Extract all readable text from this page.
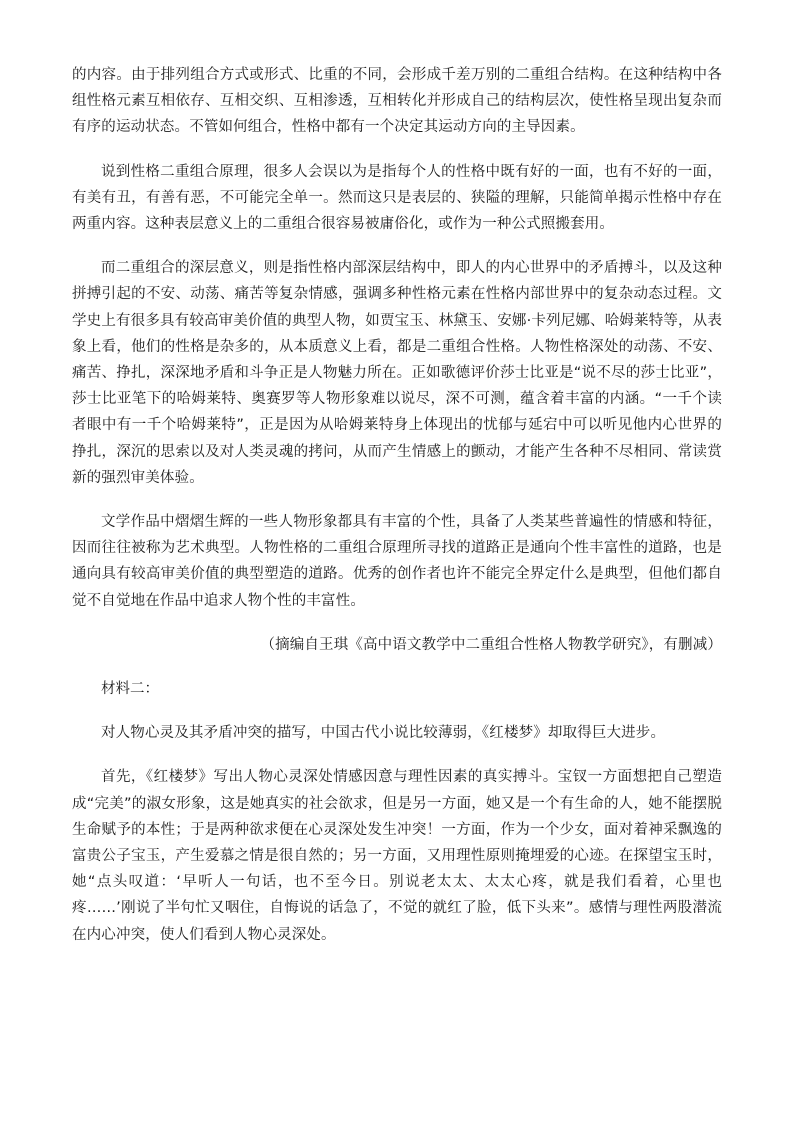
的内容。由于排列组合方式或形式、比重的不同，会形成千差万别的二重组合结构。在这种结构中各组性格元素互相依存、互相交织、互相渗透，互相转化并形成自己的结构层次，使性格呈现出复杂而有序的运动状态。不管如何组合，性格中都有一个决定其运动方向的主导因素。

说到性格二重组合原理，很多人会误以为是指每个人的性格中既有好的一面，也有不好的一面，有美有丑，有善有恶，不可能完全单一。然而这只是表层的、狭隘的理解，只能简单揭示性格中存在两重内容。这种表层意义上的二重组合很容易被庸俗化，或作为一种公式照搬套用。

而二重组合的深层意义，则是指性格内部深层结构中，即人的内心世界中的矛盾搏斗，以及这种拼搏引起的不安、动荡、痛苦等复杂情感，强调多种性格元素在性格内部世界中的复杂动态过程。文学史上有很多具有较高审美价值的典型人物，如贾宝玉、林黛玉、安娜·卡列尼娜、哈姆莱特等，从表象上看，他们的性格是杂多的，从本质意义上看，都是二重组合性格。人物性格深处的动荡、不安、痛苦、挣扎，深深地矛盾和斗争正是人物魅力所在。正如歌德评价莎士比亚是“说不尽的莎士比亚”，莎士比亚笔下的哈姆莱特、奥赛罗等人物形象难以说尽，深不可测，蕴含着丰富的内涵。“一千个读者眼中有一千个哈姆莱特”，正是因为从哈姆莱特身上体现出的忧郁与延宕中可以听见他内心世界的挣扎，深沉的思索以及对人类灵魂的拷问，从而产生情感上的颤动，才能产生各种不尽相同、常读赏新的强烈审美体验。

文学作品中熠熠生辉的一些人物形象都具有丰富的个性，具备了人类某些普遍性的情感和特征，因而往往被称为艺术典型。人物性格的二重组合原理所寻找的道路正是通向个性丰富性的道路，也是通向具有较高审美价值的典型塑造的道路。优秀的创作者也许不能完全界定什么是典型，但他们都自觉不自觉地在作品中追求人物个性的丰富性。

（摘编自王琪《高中语文教学中二重组合性格人物教学研究》，有删减）

材料二：

对人物心灵及其矛盾冲突的描写，中国古代小说比较薄弱，《红楼梦》却取得巨大进步。

首先，《红楼梦》写出人物心灵深处情感因意与理性因素的真实搏斗。宝钗一方面想把自己塑造成“完美”的淑女形象，这是她真实的社会欲求，但是另一方面，她又是一个有生命的人，她不能摆脱生命赋予的本性；于是两种欲求便在心灵深处发生冲突！一方面，作为一个少女，面对着神采飘逸的富贵公子宝玉，产生爱慕之情是很自然的；另一方面，又用理性原则掩埋爱的心迹。在探望宝玉时，她“点头叹道：‘早听人一句话，也不至今日。别说老太太、太太心疼，就是我们看着，心里也疼……’刚说了半句忙又咽住，自悔说的话急了，不觉的就红了脸，低下头来”。感情与理性两股潜流在内心冲突，使人们看到人物心灵深处。
